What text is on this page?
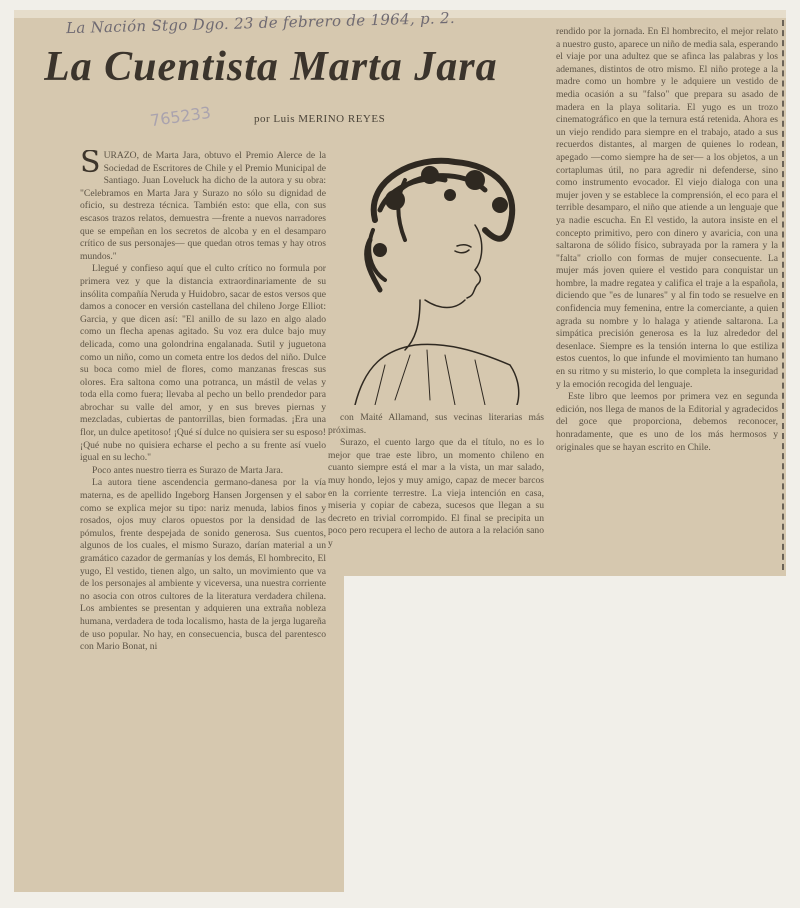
La Nación Stgo Dgo. 23 de febrero de 1964, p. 2.
La Cuentista Marta Jara
765233	por Luis MERINO REYES
S URAZO, de Marta Jara, obtuvo el Premio Alerce de la Sociedad de Escritores de Chile y el Premio Municipal de Santiago. Juan Loveluck ha dicho de la autora y su obra: "Celebramos en Marta Jara y Surazo no sólo su dignidad de oficio, su destreza técnica. También esto: que ella, con sus escasos trazos relatos, demuestra —frente a nuevos narradores que se empeñan en los secretos de alcoba y en el desamparo crítico de sus personajes— que quedan otros temas y hay otros mundos."

Llegué y confieso aquí que el culto crítico no formula por primera vez y que la distancia extraordinariamente de su insólita compañía Neruda y Huidobro, sacar de estos versos que damos a conocer en versión castellana del chileno Jorge Elliot: Garcia, y que dicen así: "El anillo de su lazo en algo alado como un flecha apenas agitado. Su voz era dulce bajo muy delicada, como una golondrina engalanada. Sutil y juguetona como un niño, como un cometa entre los dedos del niño. Dulce su boca como miel de flores, como manzanas frescas sus olores. Era saltona como una potranca, un mástil de velas y toda ella como fuera; llevaba al pecho un bello prendedor para abrochar su valle del amor, y en sus breves piernas y mezcladas, cubiertas de pantorrillas, bien formadas. ¡Era una flor, un dulce apetitoso! ¡Qué sí dulce no quisiera ser su esposo! ¡Qué nube no quisiera echarse el pecho a su frente así vuelo igual en su lecho."

Poco antes nuestro tierra es Surazo de Marta Jara.

La autora tiene ascendencia germano-danesa por la vía materna, es de apellido Ingeborg Hansen Jorgensen y el sabor como se explica mejor su tipo: nariz menuda, labios finos y rosados, ojos muy claros opuestos por la densidad de las pómulos, frente despejada de sonido generosa. Sus cuentos, algunos de los cuales, el mismo Surazo, darían material a un gramático cazador de germanías y los demás, El hombrecito, El yugo, El vestido, tienen algo, un salto, un movimiento que va de los personajes al ambiente y viceversa, una nuestra corriente no asocia con otros cultores de la literatura verdadera chilena. Los ambientes se presentan y adquieren una extraña nobleza humana, verdadera de toda localismo, hasta de la jerga lugareña de uso popular. No hay, en consecuencia, busca del parentesco con Mario Bonat, ni

con Maité Allamand, sus vecinas literarias más próximas.

Surazo, el cuento largo que da el título, no es lo mejor que trae este libro, un momento chileno en cuanto siempre está el mar a la vista, un mar salado, muy hondo, lejos y muy amigo, capaz de mecer barcos en la corriente terrestre. La vieja intención en casa, miseria y copiar de cabeza, sucesos que llegan a su decreto en trivial corrompido. El final se precipita un poco pero recupera el lecho de autora a la relación sano y

rendido por la jornada. En El hombrecito, el mejor relato a nuestro gusto, aparece un niño de media sala, esperando el viaje por una adultez que se afinca las palabras y los ademanes, distintos de otro mismo. El niño protege a la madre como un hombre y le adquiere un vestido de media ocasión a su "falso" que prepara su asado de madera en la playa solitaria. El yugo es un trozo cinematográfico en que la ternura está retenida. Ahora es un viejo rendido para siempre en el trabajo, atado a sus recuerdos distantes, al margen de quienes lo rodean, apegado —como siempre ha de ser— a los objetos, a un cortaplumas útil, no para agredir ni defenderse, sino como instrumento evocador. El viejo dialoga con una mujer joven y se establece la comprensión, el eco para el terrible desamparo, el niño que atiende a un lenguaje que ya nadie escucha. En El vestido, la autora insiste en el concepto primitivo, pero con dinero y avaricia, con una saltarona de sólido físico, subrayada por la ramera y la "falta" criollo con formas de mujer consecuente. La mujer más joven quiere el vestido para conquistar un hombre, la madre regatea y califica el traje a la española, diciendo que "es de lunares" y al fin todo se resuelve en confidencia muy femenina, entre la comerciante, a quien agrada su nombre y lo halaga y atiende saltarona. La simpática precisión generosa es la luz alrededor del desenlace. Siempre es la tensión interna lo que estiliza estos cuentos, lo que infunde el movimiento tan humano en su ritmo y su misterio, lo que completa la inseguridad y la emoción recogida del lenguaje.

Este libro que leemos por primera vez en segunda edición, nos llega de manos de la Editorial y agradecidos del goce que proporciona, debemos reconocer, honradamente, que es uno de los más hermosos y originales que se hayan escrito en Chile.
